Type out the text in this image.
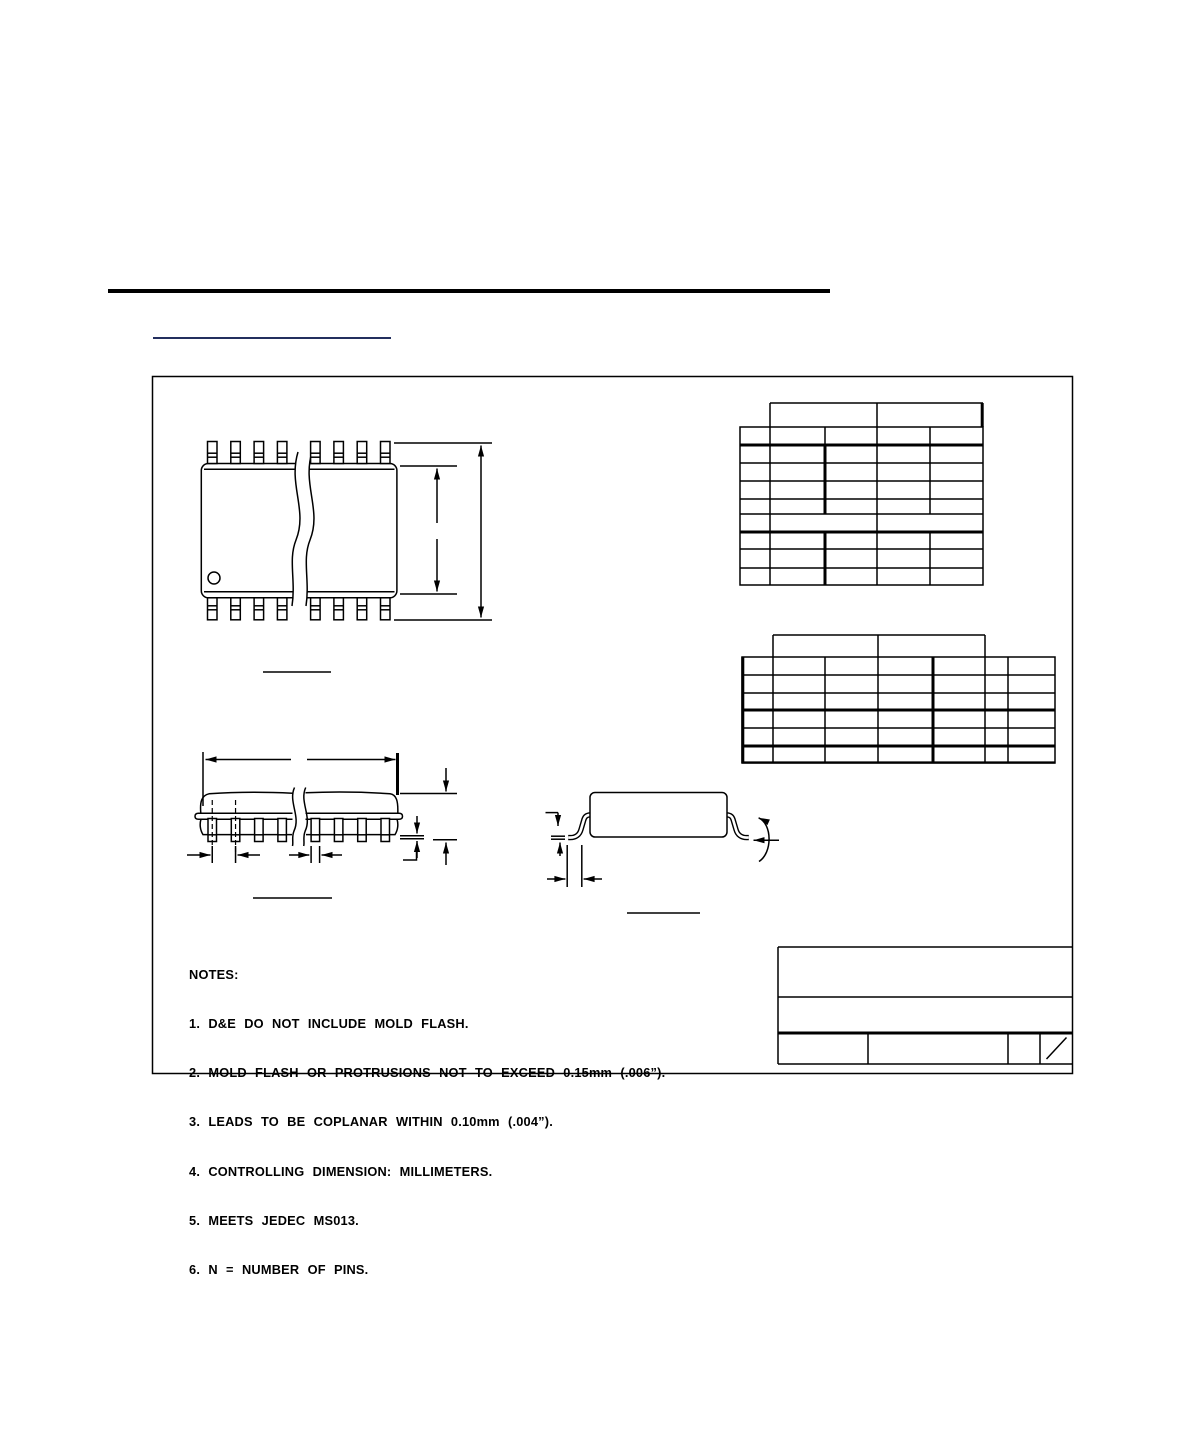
NOTES:

1. D&E DO NOT INCLUDE MOLD FLASH.

2. MOLD FLASH OR PROTRUSIONS NOT TO EXCEED 0.15mm (.006”).

3. LEADS TO BE COPLANAR WITHIN 0.10mm (.004”).

4. CONTROLLING DIMENSION: MILLIMETERS.

5. MEETS JEDEC MS013.

6. N = NUMBER OF PINS.
